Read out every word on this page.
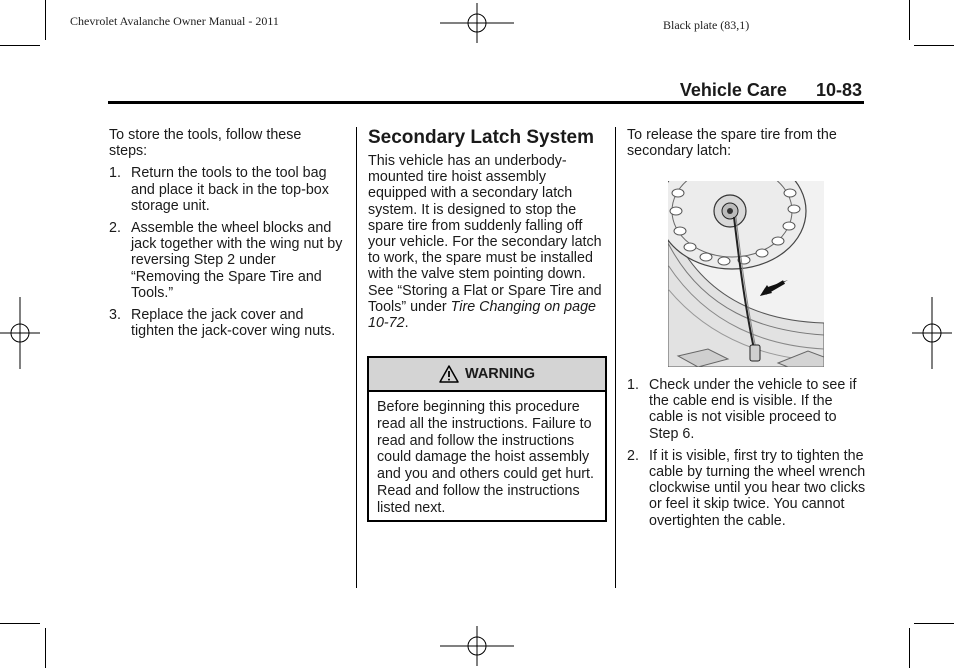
Chevrolet Avalanche Owner Manual - 2011	Black plate (83,1)
Vehicle Care 10-83

To store the tools, follow these steps:

1. Return the tools to the tool bag and place it back in the top-box storage unit.
2. Assemble the wheel blocks and jack together with the wing nut by reversing Step 2 under “Removing the Spare Tire and Tools.”
3. Replace the jack cover and tighten the jack-cover wing nuts.
Secondary Latch System

This vehicle has an underbody-mounted tire hoist assembly equipped with a secondary latch system. It is designed to stop the spare tire from suddenly falling off your vehicle. For the secondary latch to work, the spare must be installed with the valve stem pointing down. See “Storing a Flat or Spare Tire and Tools” under Tire Changing on page 10-72.

WARNING
Before beginning this procedure read all the instructions. Failure to read and follow the instructions could damage the hoist assembly and you and others could get hurt. Read and follow the instructions listed next.

To release the spare tire from the secondary latch:

1. Check under the vehicle to see if the cable end is visible. If the cable is not visible proceed to Step 6.
2. If it is visible, first try to tighten the cable by turning the wheel wrench clockwise until you hear two clicks or feel it skip twice. You cannot overtighten the cable.
